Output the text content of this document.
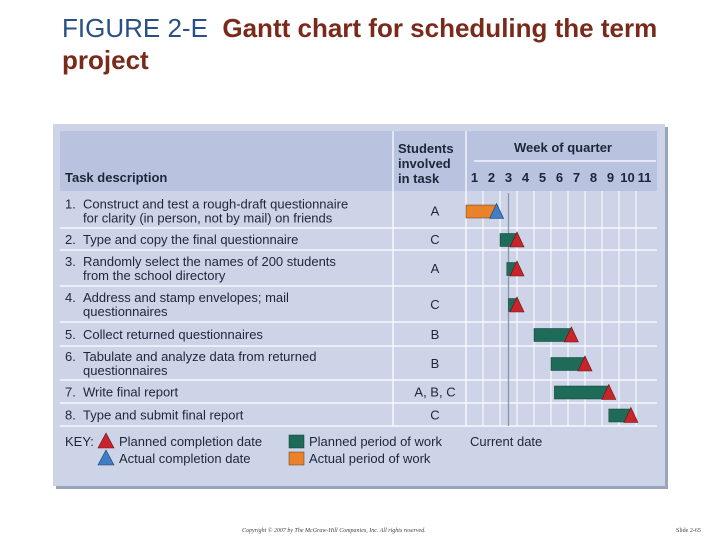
FIGURE 2-E Gantt chart for scheduling the term project
Task description
Students
involved
in task
Week of quarter
1 2 3 4 5 6 7 8 9 10 11
1. Construct and test a rough-draft questionnaire
for clarity (in person, not by mail) on friends	A
2. Type and copy the final questionnaire	C
3. Randomly select the names of 200 students
from the school directory	A
4. Address and stamp envelopes; mail
questionnaires	C
5. Collect returned questionnaires	B
6. Tabulate and analyze data from returned
questionnaires	B
7. Write final report	A, B, C
8. Type and submit final report	C
KEY: Planned completion date
Actual completion date
Planned period of work
Actual period of work
Current date
Copyright © 2007 by The McGraw-Hill Companies, Inc. All rights reserved.	Slide 2-65
